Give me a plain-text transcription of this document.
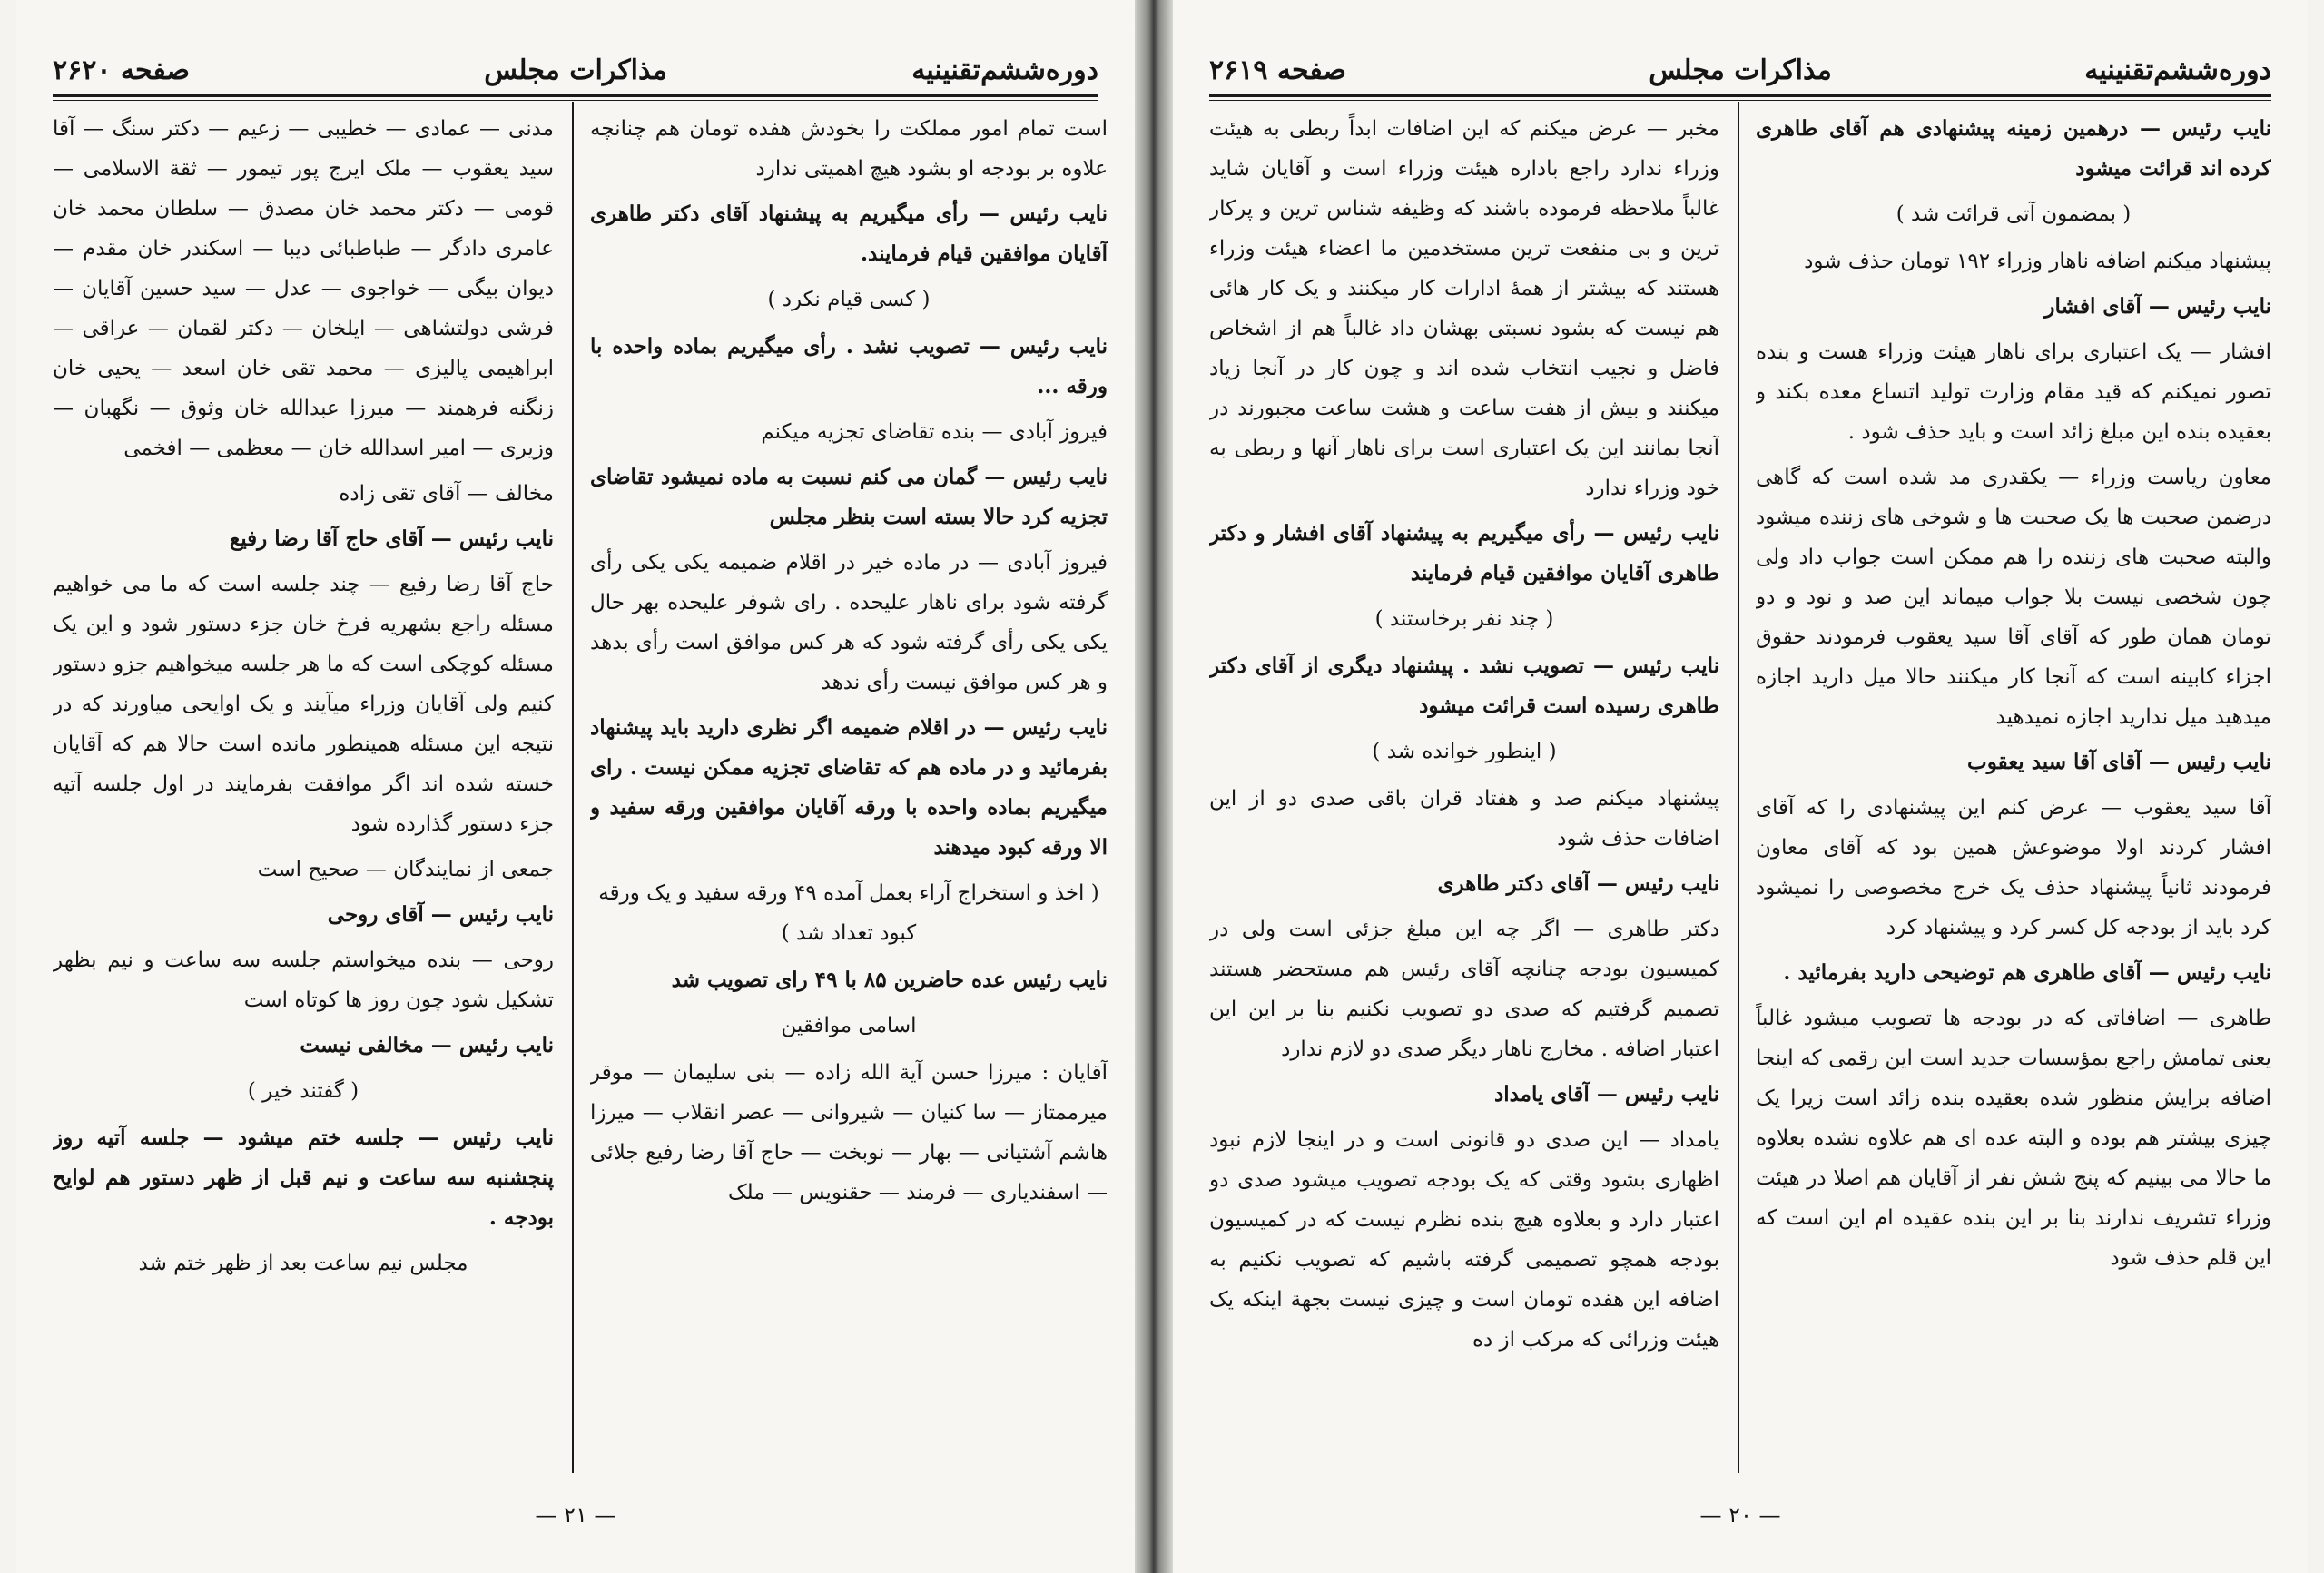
دوره‌ششم‌تقنینیه
مذاکرات مجلس
صفحه ۲۶۲۰

است تمام امور مملکت را بخودش هفده تومان هم چنانچه علاوه بر بودجه او بشود هیچ اهمیتی ندارد

نایب رئیس — رأی میگیریم به پیشنهاد آقای دکتر طاهری آقایان موافقین قیام فرمایند.

( کسی قیام نکرد )

نایب رئیس — تصویب نشد . رأی میگیریم بماده واحده با ورقه ...

فیروز آبادی — بنده تقاضای تجزیه میکنم

نایب رئیس — گمان می کنم نسبت به ماده نمیشود تقاضای تجزیه کرد حالا بسته است بنظر مجلس

فیروز آبادی — در ماده خیر در اقلام ضمیمه یکی یکی رأی گرفته شود برای ناهار علیحده . رای شوفر علیحده بهر حال یکی یکی رأی گرفته شود که هر کس موافق است رأی بدهد و هر کس موافق نیست رأی ندهد

نایب رئیس — در اقلام ضمیمه اگر نظری دارید باید پیشنهاد بفرمائید و در ماده هم که تقاضای تجزیه ممکن نیست . رای میگیریم بماده واحده با ورقه آقایان موافقین ورقه سفید و الا ورقه کبود میدهند

( اخذ و استخراج آراء بعمل آمده ۴۹ ورقه سفید و یک ورقه کبود تعداد شد )

نایب رئیس عده حاضرین ۸۵ با ۴۹ رای تصویب شد

اسامی موافقین

آقایان : میرزا حسن آیة الله زاده — بنی سلیمان — موقر میرممتاز — سا کنیان — شیروانی — عصر انقلاب — میرزا هاشم آشتیانی — بهار — نوبخت — حاج آقا رضا رفیع جلائی — اسفندیاری — فرمند — حقنویس — ملک

مدنی — عمادی — خطیبی — زعیم — دکتر سنگ — آقا سید یعقوب — ملک ایرج پور تیمور — ثقة الاسلامی — قومی — دکتر محمد خان مصدق — سلطان محمد خان عامری دادگر — طباطبائی دیبا — اسکندر خان مقدم — دیوان بیگی — خواجوی — عدل — سید حسین آقایان — فرشی دولتشاهی — ایلخان — دکتر لقمان — عراقی — ابراهیمی پالیزی — محمد تقی خان اسعد — یحیی خان زنگنه فرهمند — میرزا عبدالله خان وثوق — نگهبان — وزیری — امیر اسدالله خان — معظمی — افخمی

مخالف — آقای تقی زاده

نایب رئیس — آقای حاج آقا رضا رفیع

حاج آقا رضا رفیع — چند جلسه است که ما می خواهیم مسئله راجع بشهریه فرخ خان جزء دستور شود و این یک مسئله کوچکی است که ما هر جلسه میخواهیم جزو دستور کنیم ولی آقایان وزراء میآیند و یک اوایحی میاورند که در نتیجه این مسئله همینطور مانده است حالا هم که آقایان خسته شده اند اگر موافقت بفرمایند در اول جلسه آتیه جزء دستور گذارده شود

جمعی از نمایندگان — صحیح است

نایب رئیس — آقای روحی

روحی — بنده میخواستم جلسه سه ساعت و نیم بظهر تشکیل شود چون روز ها کوتاه است

نایب رئیس — مخالفی نیست

( گفتند خیر )

نایب رئیس — جلسه ختم میشود — جلسه آتیه روز پنجشنبه سه ساعت و نیم قبل از ظهر دستور هم لوایح بودجه .

مجلس نیم ساعت بعد از ظهر ختم شد

— ۲۱ —
دوره‌ششم‌تقنینیه
مذاکرات مجلس
صفحه ۲۶۱۹

نایب رئیس — درهمین زمینه پیشنهادی هم آقای طاهری کرده اند قرائت میشود

( بمضمون آتی قرائت شد )

پیشنهاد میکنم اضافه ناهار وزراء ۱۹۲ تومان حذف شود

نایب رئیس — آقای افشار

افشار — یک اعتباری برای ناهار هیئت وزراء هست و بنده تصور نمیکنم که قید مقام وزارت تولید اتساع معده بکند و بعقیده بنده این مبلغ زائد است و باید حذف شود .

معاون ریاست وزراء — یکقدری مد شده است که گاهی درضمن صحبت ها یک صحبت ها و شوخی های زننده میشود والبته صحبت های زننده را هم ممکن است جواب داد ولی چون شخصی نیست بلا جواب میماند این صد و نود و دو تومان همان طور که آقای آقا سید یعقوب فرمودند حقوق اجزاء کابینه است که آنجا کار میکنند حالا میل دارید اجازه میدهید میل ندارید اجازه نمیدهید

نایب رئیس — آقای آقا سید یعقوب

آقا سید یعقوب — عرض کنم این پیشنهادی را که آقای افشار کردند اولا موضوعش همین بود که آقای معاون فرمودند ثانیاً پیشنهاد حذف یک خرج مخصوصی را نمیشود کرد باید از بودجه کل کسر کرد و پیشنهاد کرد

نایب رئیس — آقای طاهری هم توضیحی دارید بفرمائید .

طاهری — اضافاتی که در بودجه ها تصویب میشود غالباً یعنی تمامش راجع بمؤسسات جدید است این رقمی که اینجا اضافه برایش منظور شده بعقیده بنده زائد است زیرا یک چیزی بیشتر هم بوده و البته عده ای هم علاوه نشده بعلاوه ما حالا می بینیم که پنج شش نفر از آقایان هم اصلا در هیئت وزراء تشریف ندارند بنا بر این بنده عقیده ام این است که این قلم حذف شود

مخبر — عرض میکنم که این اضافات ابداً ربطی به هیئت وزراء ندارد راجع باداره هیئت وزراء است و آقایان شاید غالباً ملاحظه فرموده باشند که وظیفه شناس ترین و پرکار ترین و بی منفعت ترین مستخدمین ما اعضاء هیئت وزراء هستند که بیشتر از همهٔ ادارات کار میکنند و یک کار هائی هم نیست که بشود نسبتی بهشان داد غالباً هم از اشخاص فاضل و نجیب انتخاب شده اند و چون کار در آنجا زیاد میکنند و بیش از هفت ساعت و هشت ساعت مجبورند در آنجا بمانند این یک اعتباری است برای ناهار آنها و ربطی به خود وزراء ندارد

نایب رئیس — رأی میگیریم به پیشنهاد آقای افشار و دکتر طاهری آقایان موافقین قیام فرمایند

( چند نفر برخاستند )

نایب رئیس — تصویب نشد . پیشنهاد دیگری از آقای دکتر طاهری رسیده است قرائت میشود

( اینطور خوانده شد )

پیشنهاد میکنم صد و هفتاد قران باقی صدی دو از این اضافات حذف شود

نایب رئیس — آقای دکتر طاهری

دکتر طاهری — اگر چه این مبلغ جزئی است ولی در کمیسیون بودجه چنانچه آقای رئیس هم مستحضر هستند تصمیم گرفتیم که صدی دو تصویب نکنیم بنا بر این این اعتبار اضافه . مخارج ناهار دیگر صدی دو لازم ندارد

نایب رئیس — آقای یامداد

یامداد — این صدی دو قانونی است و در اینجا لازم نبود اظهاری بشود وقتی که یک بودجه تصویب میشود صدی دو اعتبار دارد و بعلاوه هیچ بنده نظرم نیست که در کمیسیون بودجه همچو تصمیمی گرفته باشیم که تصویب نکنیم به اضافه این هفده تومان است و چیزی نیست بجهة اینکه یک هیئت وزرائی که مرکب از ده

— ۲۰ —
